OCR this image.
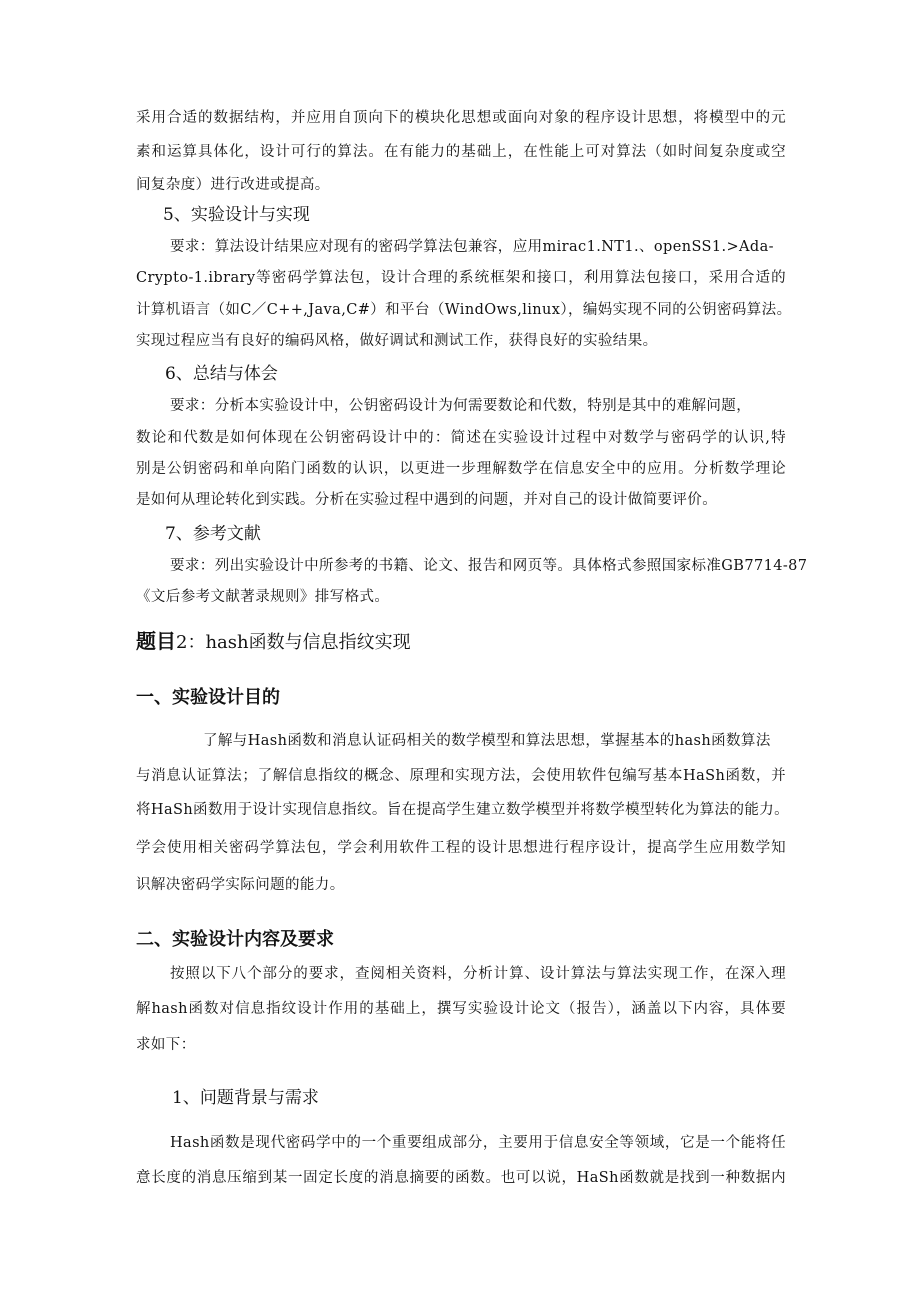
采用合适的数据结构，并应用自顶向下的模块化思想或面向对象的程序设计思想，将模型中的元
素和运算具体化，设计可行的算法。在有能力的基础上，在性能上可对算法（如时间复杂度或空
间复杂度）进行改进或提高。
5、实验设计与实现
要求：算法设计结果应对现有的密码学算法包兼容，应用mirac1.NT1.、openSS1.>Ada-
Crypto-1.ibrary等密码学算法包，设计合理的系统框架和接口，利用算法包接口，采用合适的
计算机语言（如C／C++,Java,C#）和平台（WindOws,linux），编妈实现不同的公钥密码算法。
实现过程应当有良好的编码风格，做好调试和测试工作，获得良好的实验结果。
6、总结与体会
要求：分析本实验设计中，公钥密码设计为何需要数论和代数，特别是其中的难解问题，
数论和代数是如何体现在公钥密码设计中的：简述在实验设计过程中对数学与密码学的认识,特
别是公钥密码和单向陷门函数的认识，以更进一步理解数学在信息安全中的应用。分析数学理论
是如何从理论转化到实践。分析在实验过程中遇到的问题，并对自己的设计做简要评价。
7、参考文献
要求：列出实验设计中所参考的书籍、论文、报告和网页等。具体格式参照国家标准GB7714-87
《文后参考文献著录规则》排写格式。
题目2：hash函数与信息指纹实现
一、实验设计目的
了解与Hash函数和消息认证码相关的数学模型和算法思想，掌握基本的hash函数算法
与消息认证算法；了解信息指纹的概念、原理和实现方法，会使用软件包编写基本HaSh函数，并
将HaSh函数用于设计实现信息指纹。旨在提高学生建立数学模型并将数学模型转化为算法的能力。
学会使用相关密码学算法包，学会利用软件工程的设计思想进行程序设计，提高学生应用数学知
识解决密码学实际问题的能力。
二、实验设计内容及要求
按照以下八个部分的要求，查阅相关资料，分析计算、设计算法与算法实现工作，在深入理
解hash函数对信息指纹设计作用的基础上，撰写实验设计论文（报告），涵盖以下内容，具体要
求如下：
1、问题背景与需求
Hash函数是现代密码学中的一个重要组成部分，主要用于信息安全等领域，它是一个能将任
意长度的消息压缩到某一固定长度的消息摘要的函数。也可以说，HaSh函数就是找到一种数据内
